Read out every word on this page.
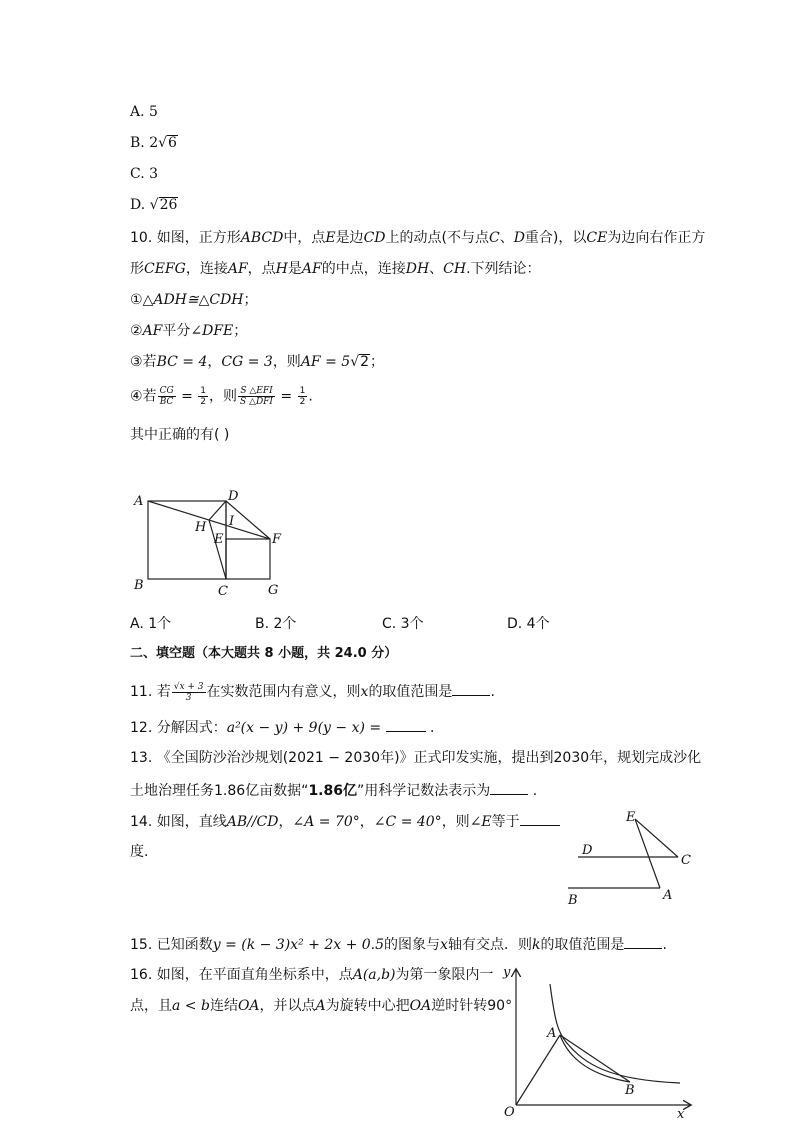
A. 5
B. 2√6
C. 3
D. √26
10. 如图，正方形ABCD中，点E是边CD上的动点(不与点C、D重合)，以CE为边向右作正方
形CEFG，连接AF，点H是AF的中点，连接DH、CH.下列结论：
①△ADH≅△CDH；
②AF平分∠DFE；
③若BC = 4，CG = 3，则AF = 5√2；
④若 $\frac{CG}{BC} = \frac{1}{2}$ ，则 $\frac{\text{S △EFI}}{\text{S △DFI}} = \frac{1}{2}$ .
其中正确的有( )
A
B	C
D
E	F
G
H I
A. 1个	B. 2个	C. 3个	D. 4个
二、填空题（本大题共 8 小题，共 24.0 分）
11. 若 $\frac{√x + 3}{3}$ 在实数范围内有意义，则x的取值范围是	.
12. 分解因式：a²(x − y) + 9(y − x) =	.
13. 《全国防沙治沙规划(2021 − 2030年)》正式印发实施，提出到2030年，规划完成沙化
土地治理任务1.86亿亩数据“1.86亿”用科学记数法表示为	.
14. 如图，直线AB//CD，∠A = 70°，∠C = 40°，则∠E等于
度.
E
D
C
A
B
15. 已知函数y = (k − 3)x² + 2x + 0.5的图象与x轴有交点．则k的取值范围是	.
16. 如图，在平面直角坐标系中，点A(a,b)为第一象限内一
点，且a < b连结OA，并以点A为旋转中心把OA逆时针转90°
y
x
O
A
B
